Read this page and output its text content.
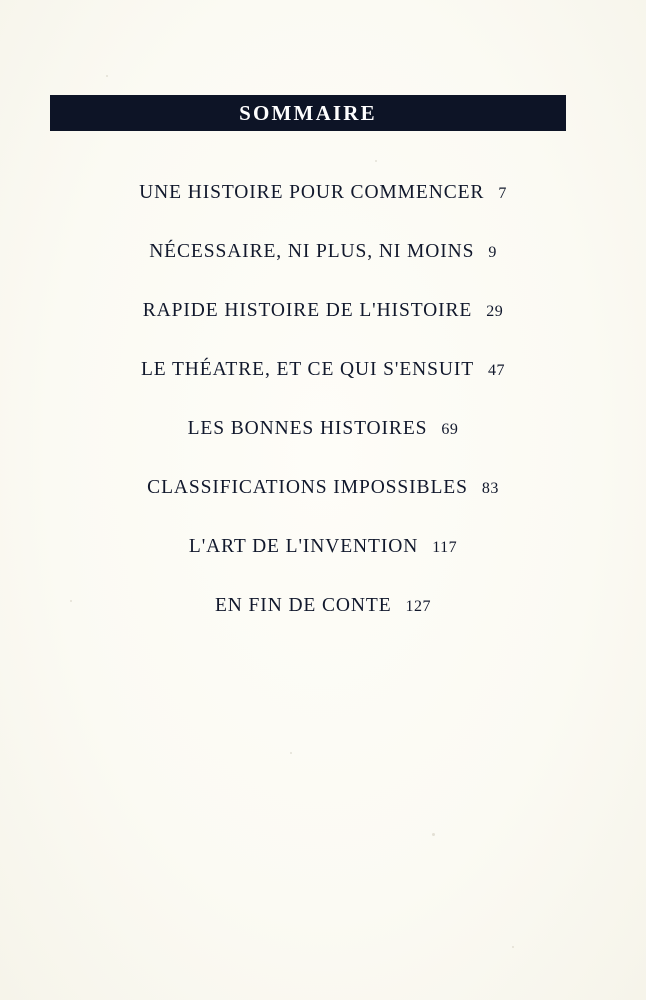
SOMMAIRE
UNE HISTOIRE POUR COMMENCER 7
NÉCESSAIRE, NI PLUS, NI MOINS 9
RAPIDE HISTOIRE DE L'HISTOIRE 29
LE THÉATRE, ET CE QUI S'ENSUIT 47
LES BONNES HISTOIRES 69
CLASSIFICATIONS IMPOSSIBLES 83
L'ART DE L'INVENTION 117
EN FIN DE CONTE 127
